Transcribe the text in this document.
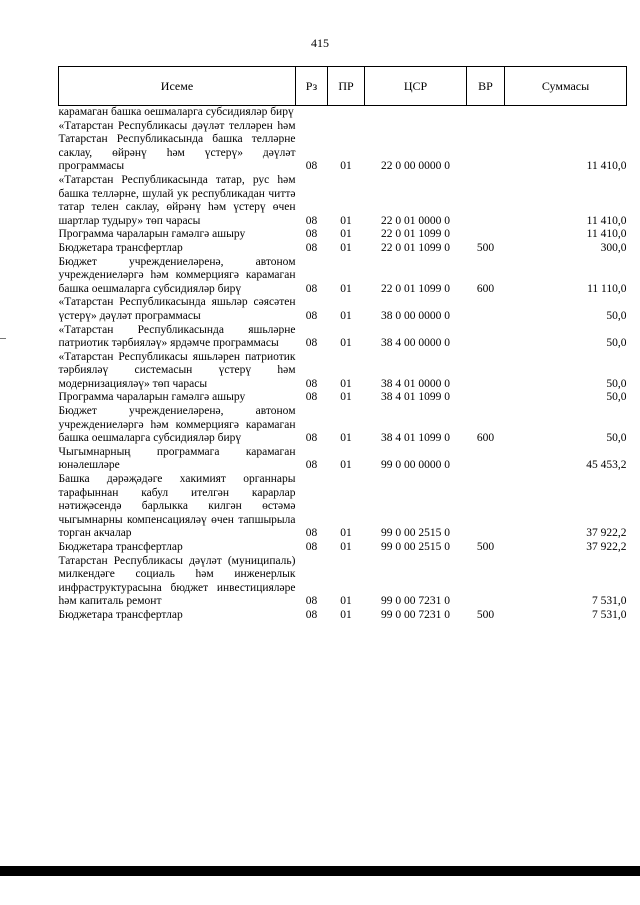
415
Исеме	Рз	ПР	ЦСР	ВР	Суммасы
карамаган башка оешмаларга субсидияләр бирү					
«Татарстан Республикасы дәүләт телләрен һәм Татарстан Республикасында башка телләрне саклау, өйрәнү һәм үстерү» дәүләт программасы	08	01	22 0 00 0000 0		11 410,0
«Татарстан Республикасында татар, рус һәм башка телләрне, шулай ук республикадан читтә татар телен саклау, өйрәнү һәм үстерү өчен шартлар тудыру» төп чарасы	08	01	22 0 01 0000 0		11 410,0
Программа чараларын гамәлгә ашыру	08	01	22 0 01 1099 0		11 410,0
Бюджетара трансфертлар	08	01	22 0 01 1099 0	500	300,0
Бюджет учреждениеләренә, автоном учреждениеләргә һәм коммерциягә карамаган башка оешмаларга субсидияләр бирү	08	01	22 0 01 1099 0	600	11 110,0
«Татарстан Республикасында яшьләр сәясәтен үстерү» дәүләт программасы	08	01	38 0 00 0000 0		50,0
«Татарстан Республикасында яшьләрне патриотик тәрбияләү» ярдәмче программасы	08	01	38 4 00 0000 0		50,0
«Татарстан Республикасы яшьләрен патриотик тәрбияләү системасын үстерү һәм модернизацияләү» төп чарасы	08	01	38 4 01 0000 0		50,0
Программа чараларын гамәлгә ашыру	08	01	38 4 01 1099 0		50,0
Бюджет учреждениеләренә, автоном учреждениеләргә һәм коммерциягә карамаган башка оешмаларга субсидияләр бирү	08	01	38 4 01 1099 0	600	50,0
Чыгымнарның программага карамаган юнәлешләре	08	01	99 0 00 0000 0		45 453,2
Башка дәрәҗәдәге хакимият органнары тарафыннан кабул ителгән карарлар нәтиҗәсендә барлыкка килгән өстәмә чыгымнарны компенсацияләү өчен тапшырыла торган акчалар	08	01	99 0 00 2515 0		37 922,2
Бюджетара трансфертлар	08	01	99 0 00 2515 0	500	37 922,2
Татарстан Республикасы дәүләт (муниципаль) милкендәге социаль һәм инженерлык инфраструктурасына бюджет инвестицияләре һәм капиталь ремонт	08	01	99 0 00 7231 0		7 531,0
Бюджетара трансфертлар	08	01	99 0 00 7231 0	500	7 531,0
